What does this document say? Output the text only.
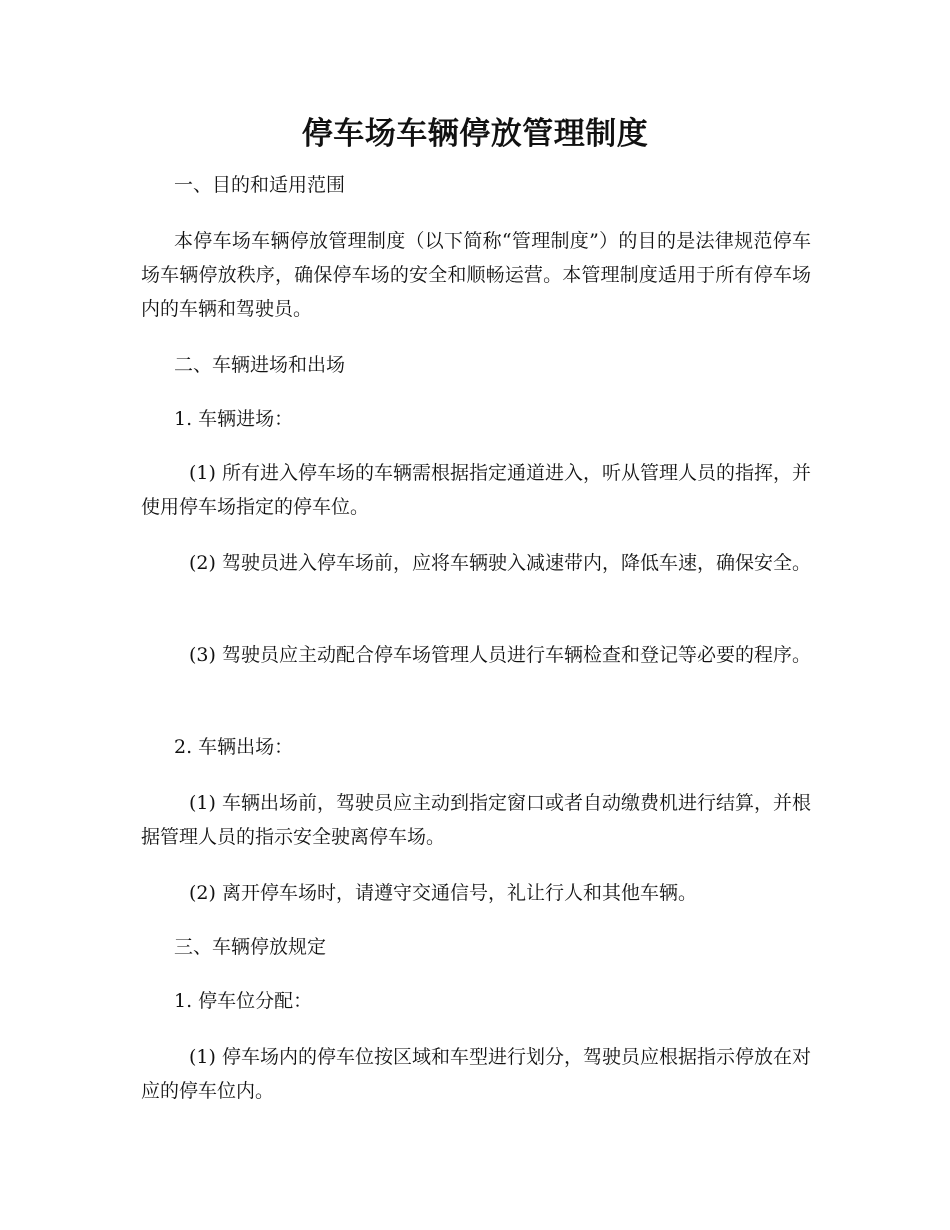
停车场车辆停放管理制度

一、目的和适用范围

本停车场车辆停放管理制度（以下简称“管理制度”）的目的是法律规范停车场车辆停放秩序，确保停车场的安全和顺畅运营。本管理制度适用于所有停车场内的车辆和驾驶员。

二、车辆进场和出场

1. 车辆进场：

(1) 所有进入停车场的车辆需根据指定通道进入，听从管理人员的指挥，并使用停车场指定的停车位。

(2) 驾驶员进入停车场前，应将车辆驶入减速带内，降低车速，确保安全。

(3) 驾驶员应主动配合停车场管理人员进行车辆检查和登记等必要的程序。

2. 车辆出场：

(1) 车辆出场前，驾驶员应主动到指定窗口或者自动缴费机进行结算，并根据管理人员的指示安全驶离停车场。

(2) 离开停车场时，请遵守交通信号，礼让行人和其他车辆。

三、车辆停放规定

1. 停车位分配：

(1) 停车场内的停车位按区域和车型进行划分，驾驶员应根据指示停放在对应的停车位内。
